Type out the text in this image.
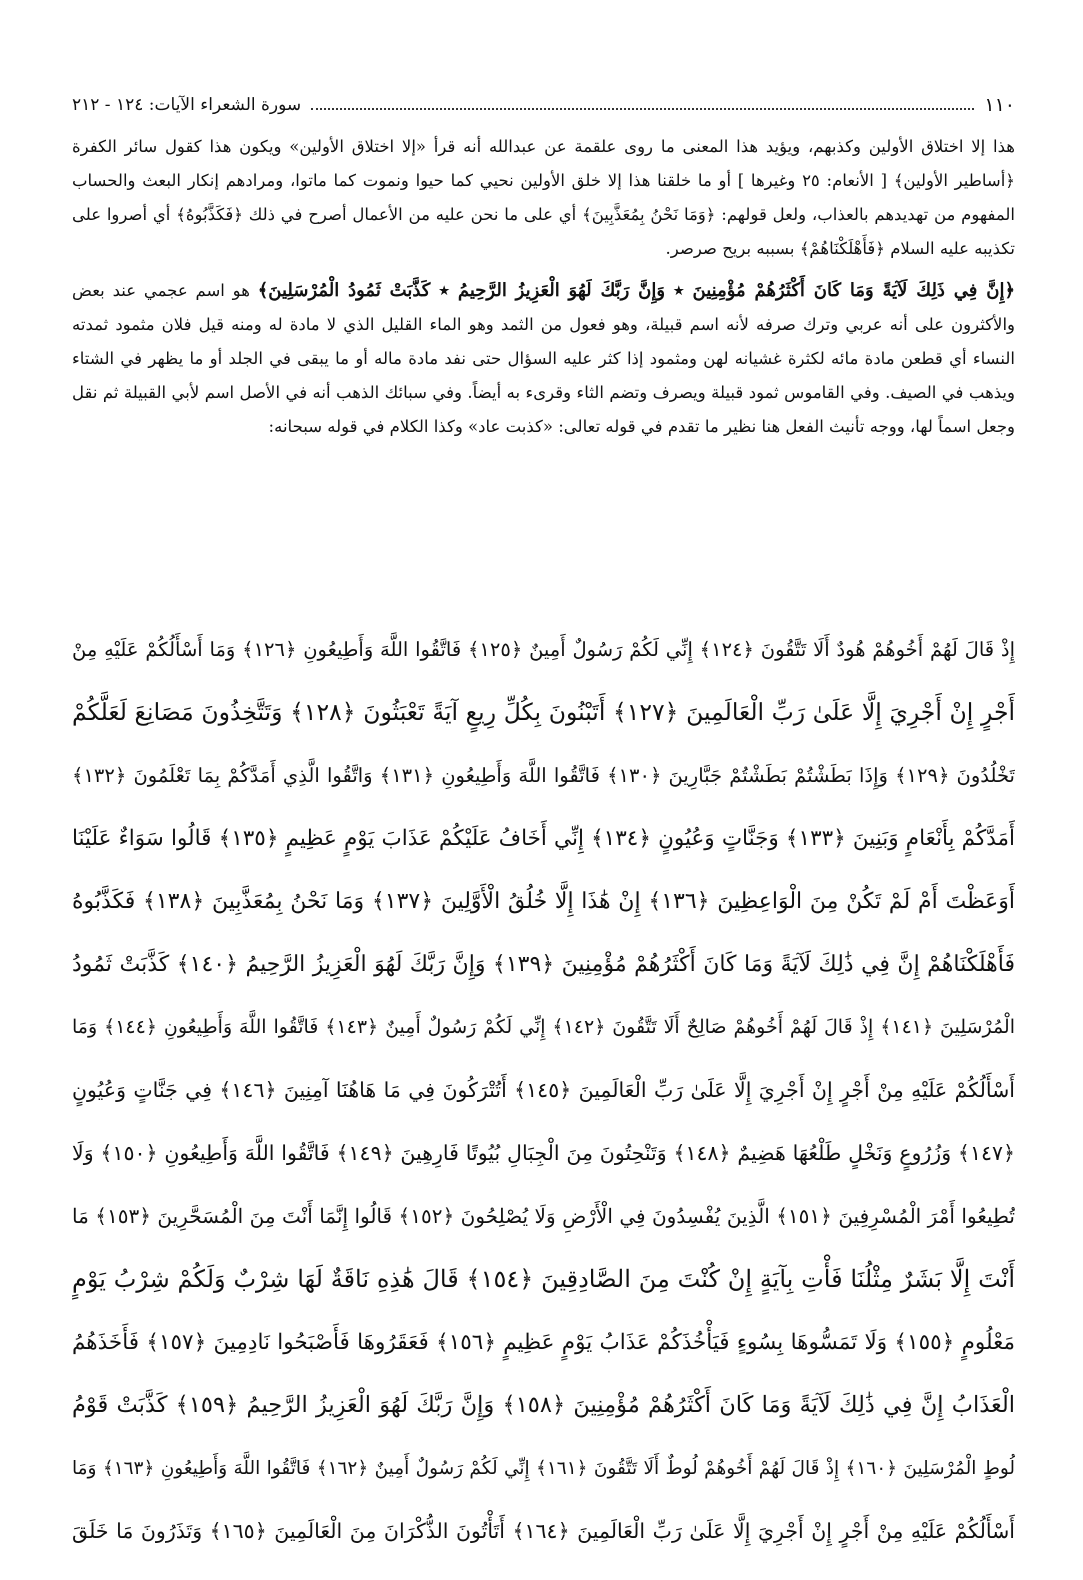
١١٠
سورة الشعراء الآيات: ١٢٤ - ٢١٢

هذا إلا اختلاق الأولين وكذبهم، ويؤيد هذا المعنى ما روى علقمة عن عبدالله أنه قرأ «إلا اختلاق الأولين» ويكون هذا كقول سائر الكفرة ﴿أساطير الأولين﴾ [ الأنعام: ٢٥ وغيرها ] أو ما خلقنا هذا إلا خلق الأولين نحيي كما حيوا ونموت كما ماتوا، ومرادهم إنكار البعث والحساب المفهوم من تهديدهم بالعذاب، ولعل قولهم: ﴿وَمَا نَحْنُ بِمُعَذَّبِينَ﴾ أي على ما نحن عليه من الأعمال أصرح في ذلك ﴿فَكَذَّبُوهُ﴾ أي أصروا على تكذيبه عليه السلام ﴿فَأَهْلَكْنَاهُمْ﴾ بسببه بريح صرصر.

﴿إِنَّ فِي ذَلِكَ لَآيَةً وَمَا كَانَ أَكْثَرُهُمْ مُؤْمِنِينَ ٭ وَإِنَّ رَبَّكَ لَهُوَ الْعَزِيزُ الرَّحِيمُ ٭ كَذَّبَتْ ثَمُودُ الْمُرْسَلِينَ﴾ هو اسم عجمي عند بعض والأكثرون على أنه عربي وترك صرفه لأنه اسم قبيلة، وهو فعول من الثمد وهو الماء القليل الذي لا مادة له ومنه قيل فلان مثمود ثمدته النساء أي قطعن مادة مائه لكثرة غشيانه لهن ومثمود إذا كثر عليه السؤال حتى نفد مادة ماله أو ما يبقى في الجلد أو ما يظهر في الشتاء ويذهب في الصيف. وفي القاموس ثمود قبيلة ويصرف وتضم الثاء وقرىء به أيضاً. وفي سبائك الذهب أنه في الأصل اسم لأبي القبيلة ثم نقل وجعل اسماً لها، ووجه تأنيث الفعل هنا نظير ما تقدم في قوله تعالى: «كذبت عاد» وكذا الكلام في قوله سبحانه:

إِذْ قَالَ لَهُمْ أَخُوهُمْ هُودٌ أَلَا تَتَّقُونَ ﴿١٢٤﴾ إِنِّي لَكُمْ رَسُولٌ أَمِينٌ ﴿١٢٥﴾ فَاتَّقُوا اللَّهَ وَأَطِيعُونِ ﴿١٢٦﴾ وَمَا أَسْأَلُكُمْ عَلَيْهِ مِنْ
أَجْرٍ إِنْ أَجْرِيَ إِلَّا عَلَىٰ رَبِّ الْعَالَمِينَ ﴿١٢٧﴾ أَتَبْنُونَ بِكُلِّ رِيعٍ آيَةً تَعْبَثُونَ ﴿١٢٨﴾ وَتَتَّخِذُونَ مَصَانِعَ لَعَلَّكُمْ
تَخْلُدُونَ ﴿١٢٩﴾ وَإِذَا بَطَشْتُمْ بَطَشْتُمْ جَبَّارِينَ ﴿١٣٠﴾ فَاتَّقُوا اللَّهَ وَأَطِيعُونِ ﴿١٣١﴾ وَاتَّقُوا الَّذِي أَمَدَّكُمْ بِمَا تَعْلَمُونَ ﴿١٣٢﴾
أَمَدَّكُمْ بِأَنْعَامٍ وَبَنِينَ ﴿١٣٣﴾ وَجَنَّاتٍ وَعُيُونٍ ﴿١٣٤﴾ إِنِّي أَخَافُ عَلَيْكُمْ عَذَابَ يَوْمٍ عَظِيمٍ ﴿١٣٥﴾ قَالُوا سَوَاءٌ عَلَيْنَا
أَوَعَظْتَ أَمْ لَمْ تَكُنْ مِنَ الْوَاعِظِينَ ﴿١٣٦﴾ إِنْ هَٰذَا إِلَّا خُلُقُ الْأَوَّلِينَ ﴿١٣٧﴾ وَمَا نَحْنُ بِمُعَذَّبِينَ ﴿١٣٨﴾ فَكَذَّبُوهُ
فَأَهْلَكْنَاهُمْ إِنَّ فِي ذَٰلِكَ لَآيَةً وَمَا كَانَ أَكْثَرُهُمْ مُؤْمِنِينَ ﴿١٣٩﴾ وَإِنَّ رَبَّكَ لَهُوَ الْعَزِيزُ الرَّحِيمُ ﴿١٤٠﴾ كَذَّبَتْ ثَمُودُ
الْمُرْسَلِينَ ﴿١٤١﴾ إِذْ قَالَ لَهُمْ أَخُوهُمْ صَالِحٌ أَلَا تَتَّقُونَ ﴿١٤٢﴾ إِنِّي لَكُمْ رَسُولٌ أَمِينٌ ﴿١٤٣﴾ فَاتَّقُوا اللَّهَ وَأَطِيعُونِ ﴿١٤٤﴾ وَمَا
أَسْأَلُكُمْ عَلَيْهِ مِنْ أَجْرٍ إِنْ أَجْرِيَ إِلَّا عَلَىٰ رَبِّ الْعَالَمِينَ ﴿١٤٥﴾ أَتُتْرَكُونَ فِي مَا هَاهُنَا آمِنِينَ ﴿١٤٦﴾ فِي جَنَّاتٍ وَعُيُونٍ
﴿١٤٧﴾ وَزُرُوعٍ وَنَخْلٍ طَلْعُهَا هَضِيمٌ ﴿١٤٨﴾ وَتَنْحِتُونَ مِنَ الْجِبَالِ بُيُوتًا فَارِهِينَ ﴿١٤٩﴾ فَاتَّقُوا اللَّهَ وَأَطِيعُونِ ﴿١٥٠﴾ وَلَا
تُطِيعُوا أَمْرَ الْمُسْرِفِينَ ﴿١٥١﴾ الَّذِينَ يُفْسِدُونَ فِي الْأَرْضِ وَلَا يُصْلِحُونَ ﴿١٥٢﴾ قَالُوا إِنَّمَا أَنْتَ مِنَ الْمُسَحَّرِينَ ﴿١٥٣﴾ مَا
أَنْتَ إِلَّا بَشَرٌ مِثْلُنَا فَأْتِ بِآيَةٍ إِنْ كُنْتَ مِنَ الصَّادِقِينَ ﴿١٥٤﴾ قَالَ هَٰذِهِ نَاقَةٌ لَهَا شِرْبٌ وَلَكُمْ شِرْبُ يَوْمٍ
مَعْلُومٍ ﴿١٥٥﴾ وَلَا تَمَسُّوهَا بِسُوءٍ فَيَأْخُذَكُمْ عَذَابُ يَوْمٍ عَظِيمٍ ﴿١٥٦﴾ فَعَقَرُوهَا فَأَصْبَحُوا نَادِمِينَ ﴿١٥٧﴾ فَأَخَذَهُمُ
الْعَذَابُ إِنَّ فِي ذَٰلِكَ لَآيَةً وَمَا كَانَ أَكْثَرُهُمْ مُؤْمِنِينَ ﴿١٥٨﴾ وَإِنَّ رَبَّكَ لَهُوَ الْعَزِيزُ الرَّحِيمُ ﴿١٥٩﴾ كَذَّبَتْ قَوْمُ
لُوطٍ الْمُرْسَلِينَ ﴿١٦٠﴾ إِذْ قَالَ لَهُمْ أَخُوهُمْ لُوطٌ أَلَا تَتَّقُونَ ﴿١٦١﴾ إِنِّي لَكُمْ رَسُولٌ أَمِينٌ ﴿١٦٢﴾ فَاتَّقُوا اللَّهَ وَأَطِيعُونِ ﴿١٦٣﴾ وَمَا
أَسْأَلُكُمْ عَلَيْهِ مِنْ أَجْرٍ إِنْ أَجْرِيَ إِلَّا عَلَىٰ رَبِّ الْعَالَمِينَ ﴿١٦٤﴾ أَتَأْتُونَ الذُّكْرَانَ مِنَ الْعَالَمِينَ ﴿١٦٥﴾ وَتَذَرُونَ مَا خَلَقَ
